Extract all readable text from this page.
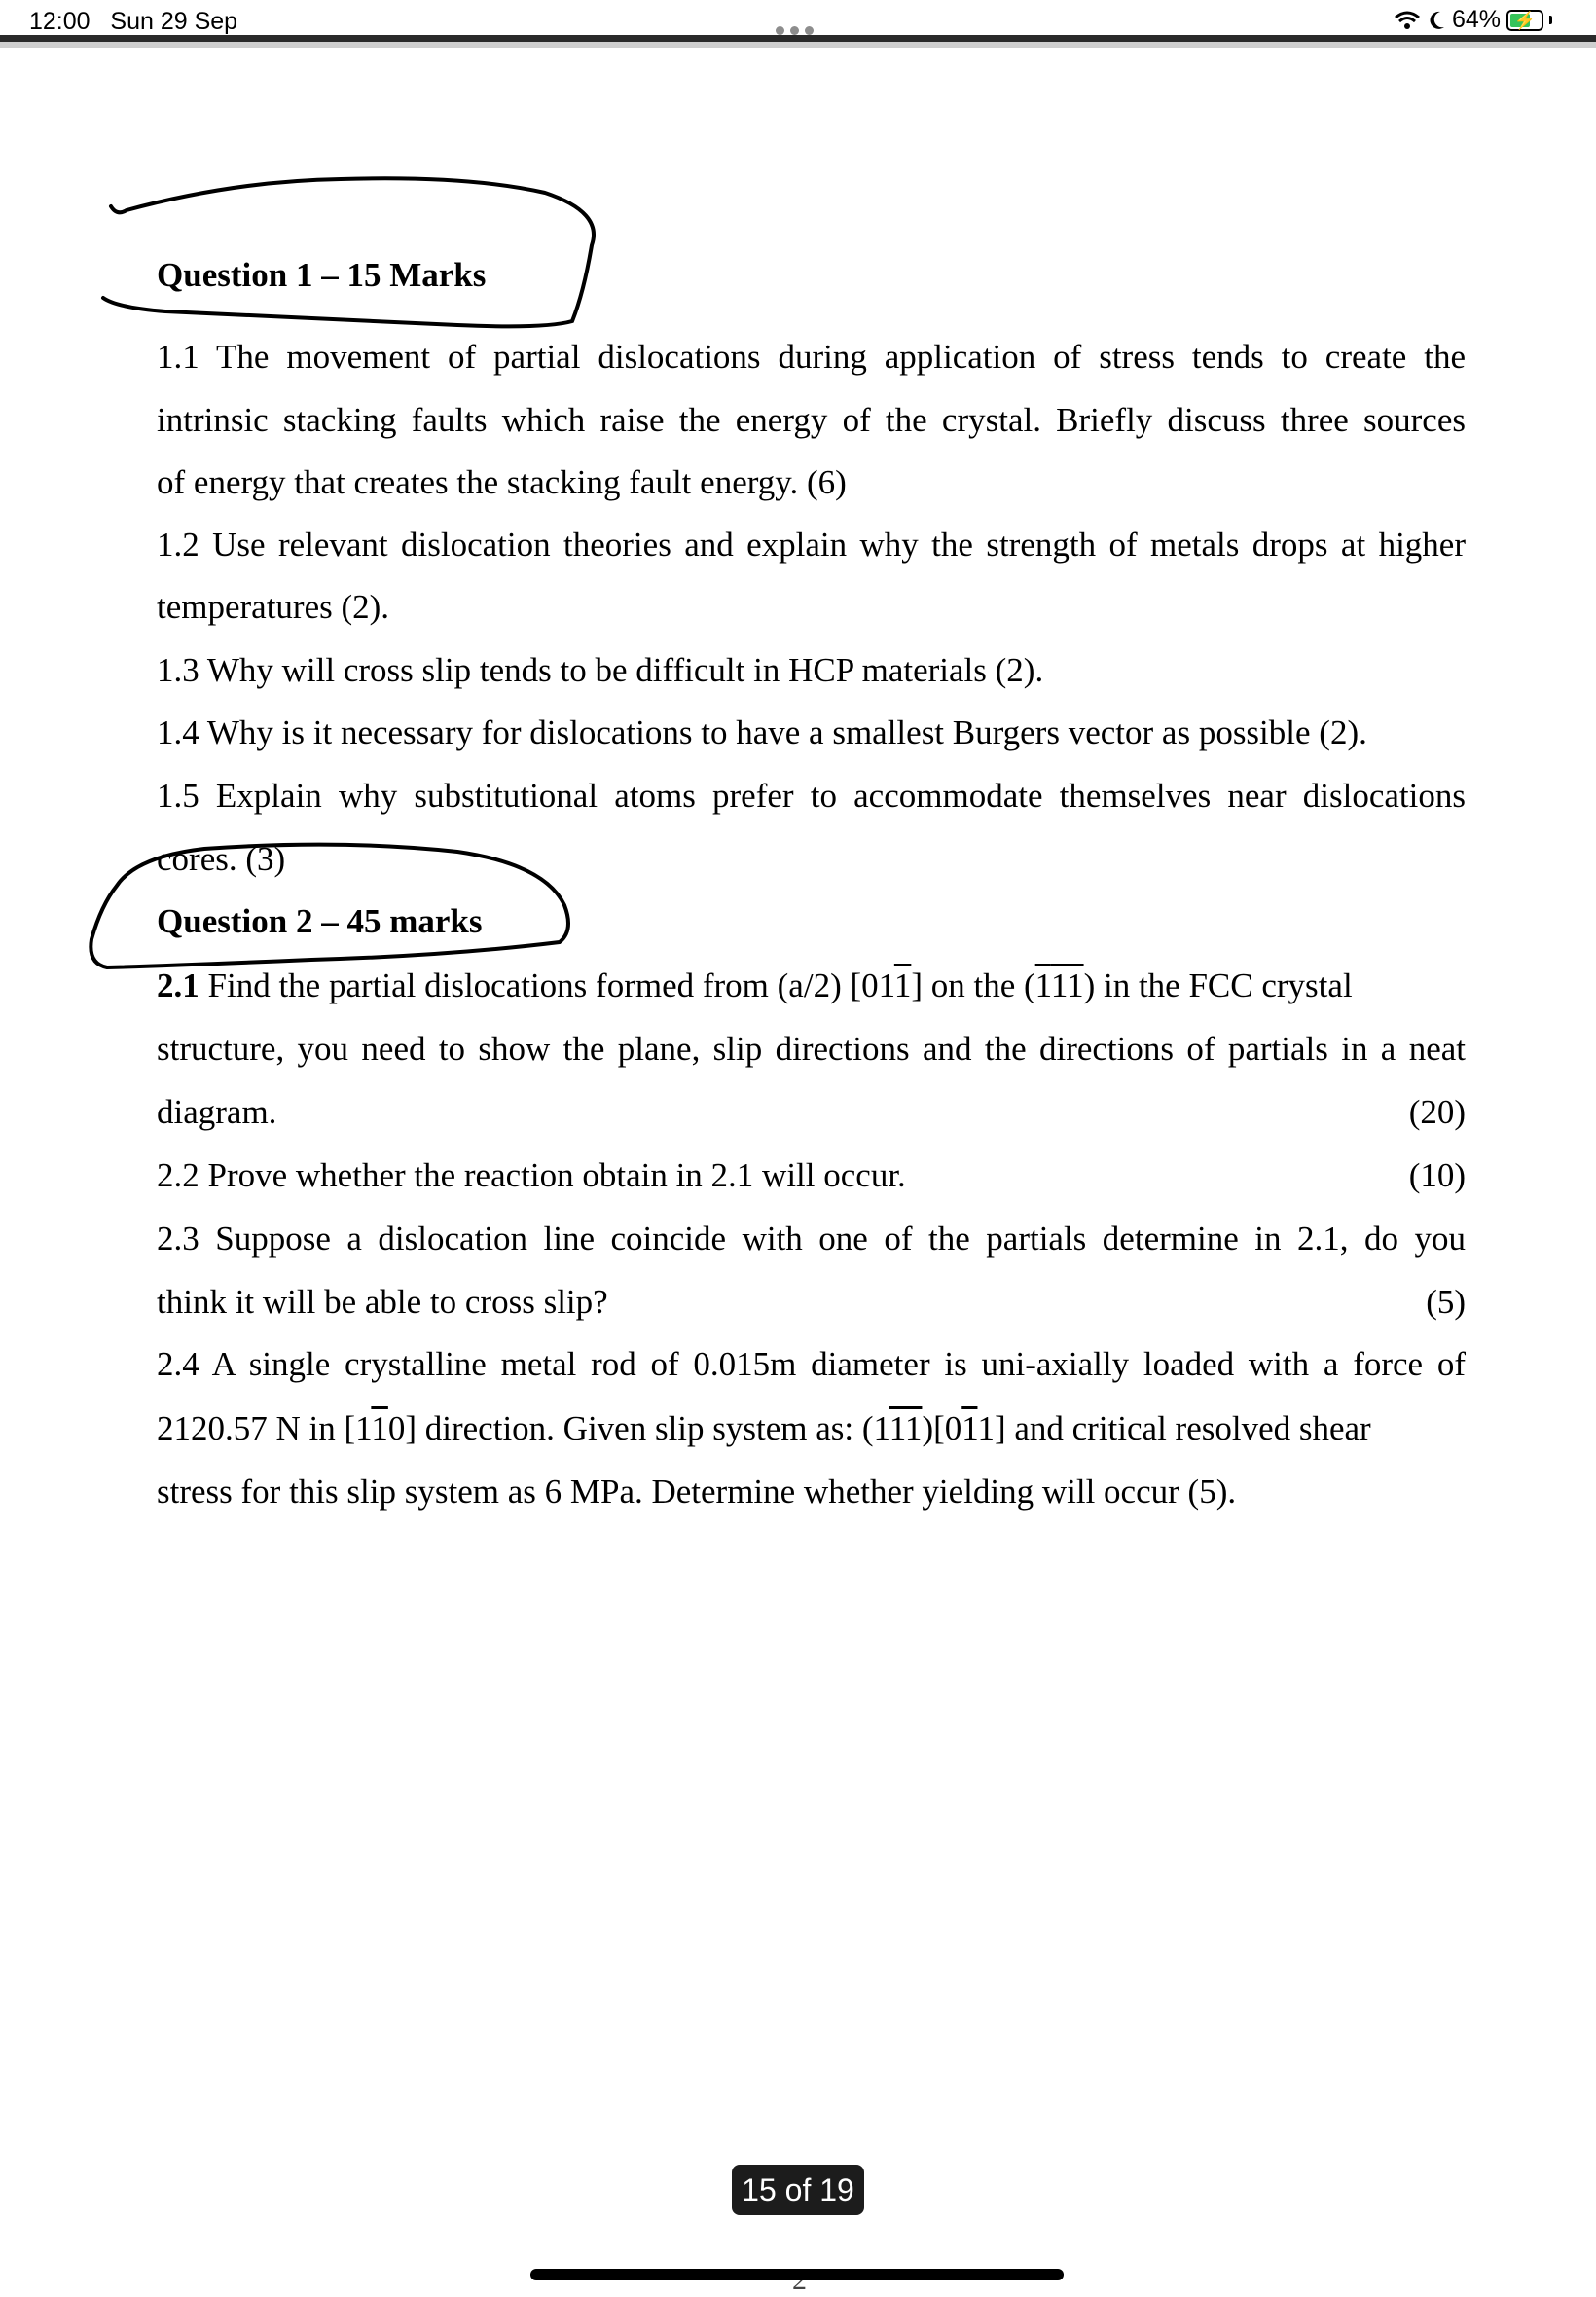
12:00 Sun 29 Sep	64% ⚡
Question 1 – 15 Marks
1.1 The movement of partial dislocations during application of stress tends to create the
intrinsic stacking faults which raise the energy of the crystal. Briefly discuss three sources
of energy that creates the stacking fault energy. (6)
1.2 Use relevant dislocation theories and explain why the strength of metals drops at higher
temperatures (2).
1.3 Why will cross slip tends to be difficult in HCP materials (2).
1.4 Why is it necessary for dislocations to have a smallest Burgers vector as possible (2).
1.5 Explain why substitutional atoms prefer to accommodate themselves near dislocations
cores. (3)
Question 2 – 45 marks
2.1 Find the partial dislocations formed from (a/2) [011] on the (111) in the FCC crystal
structure, you need to show the plane, slip directions and the directions of partials in a neat
diagram.	(20)
2.2 Prove whether the reaction obtain in 2.1 will occur.	(10)
2.3 Suppose a dislocation line coincide with one of the partials determine in 2.1, do you
think it will be able to cross slip?	(5)
2.4 A single crystalline metal rod of 0.015m diameter is uni-axially loaded with a force of
2120.57 N in [110] direction. Given slip system as: (111)[011] and critical resolved shear
stress for this slip system as 6 MPa. Determine whether yielding will occur (5).
15 of 19
